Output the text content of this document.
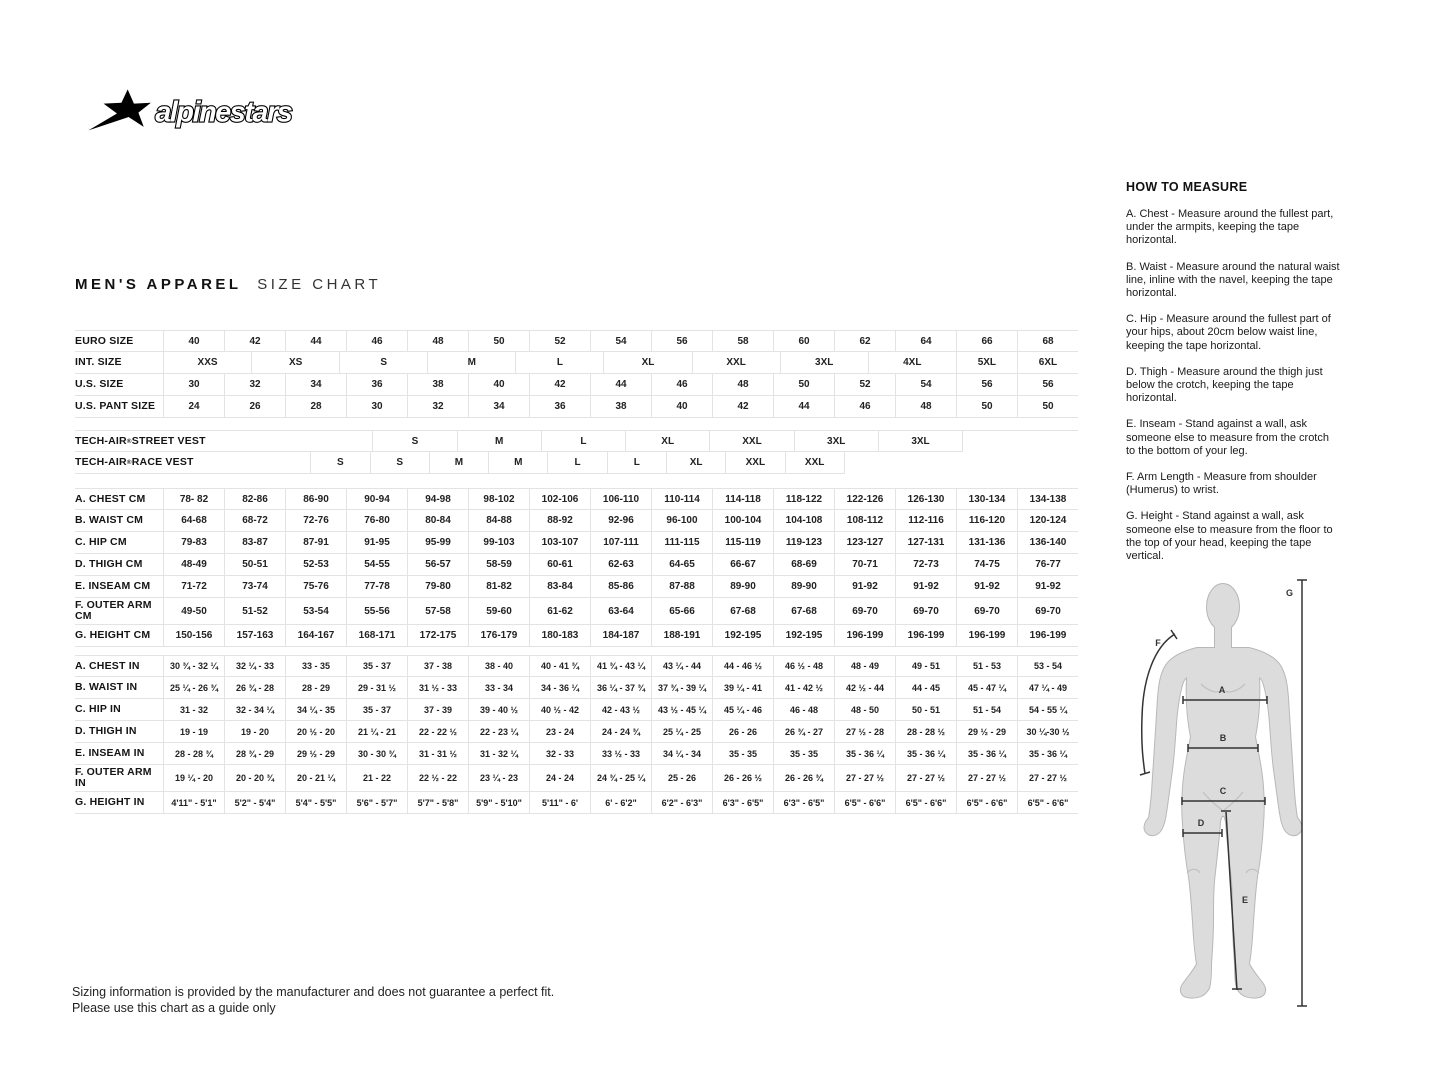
alpinestars
MEN'S APPAREL SIZE CHART
EURO SIZE	40	42	44	46	48	50	52	54	56	58	60	62	64	66	68
INT. SIZE	XXS	XS	S	M	L	XL	XXL	3XL	4XL	5XL	6XL
U.S. SIZE	30	32	34	36	38	40	42	44	46	48	50	52	54	56	56
U.S. PANT SIZE	24	26	28	30	32	34	36	38	40	42	44	46	48	50	50
TECH-AIR ® STREET VEST	S	M	L	XL	XXL	3XL	3XL
TECH-AIR ® RACE VEST	S	S	M	M	L	L	XL	XXL	XXL
A. CHEST CM	78- 82	82-86	86-90	90-94	94-98	98-102	102-106	106-110	110-114	114-118	118-122	122-126	126-130	130-134	134-138
B. WAIST CM	64-68	68-72	72-76	76-80	80-84	84-88	88-92	92-96	96-100	100-104	104-108	108-112	112-116	116-120	120-124
C. HIP CM	79-83	83-87	87-91	91-95	95-99	99-103	103-107	107-111	111-115	115-119	119-123	123-127	127-131	131-136	136-140
D. THIGH CM	48-49	50-51	52-53	54-55	56-57	58-59	60-61	62-63	64-65	66-67	68-69	70-71	72-73	74-75	76-77
E. INSEAM CM	71-72	73-74	75-76	77-78	79-80	81-82	83-84	85-86	87-88	89-90	89-90	91-92	91-92	91-92	91-92
F. OUTER ARM CM	49-50	51-52	53-54	55-56	57-58	59-60	61-62	63-64	65-66	67-68	67-68	69-70	69-70	69-70	69-70
G. HEIGHT CM	150-156	157-163	164-167	168-171	172-175	176-179	180-183	184-187	188-191	192-195	192-195	196-199	196-199	196-199	196-199
A. CHEST IN	30 ¾ - 32 ¼	32 ¼ - 33	33 - 35	35 - 37	37 - 38	38 - 40	40 - 41 ¾	41 ¾ - 43 ¼	43 ¼ - 44	44 - 46 ½	46 ½ - 48	48 - 49	49 - 51	51 - 53	53 - 54
B. WAIST IN	25 ¼ - 26 ¾	26 ¾ - 28	28 - 29	29 - 31 ½	31 ½ - 33	33 - 34	34 - 36 ¼	36 ¼ - 37 ¾	37 ¾ - 39 ¼	39 ¼ - 41	41 - 42 ½	42 ½ - 44	44 - 45	45 - 47 ¼	47 ¼ - 49
C. HIP IN	31 - 32	32 - 34 ¼	34 ¼ - 35	35 - 37	37 - 39	39 - 40 ½	40 ½ - 42	42 - 43 ½	43 ½ - 45 ¼	45 ¼ - 46	46 - 48	48 - 50	50 - 51	51 - 54	54 - 55 ¼
D. THIGH IN	19 - 19	19 - 20	20 ½ - 20	21 ¼ - 21	22 - 22 ½	22 - 23 ¼	23 - 24	24 - 24 ¾	25 ¼ - 25	26 - 26	26 ¾ - 27	27 ½ - 28	28 - 28 ½	29 ½ - 29	30 ¼-30 ½
E. INSEAM IN	28 - 28 ¾	28 ¾ - 29	29 ½ - 29	30 - 30 ¾	31 - 31 ½	31 - 32 ¼	32 - 33	33 ½ - 33	34 ¼ - 34	35 - 35	35 - 35	35 - 36 ¼	35 - 36 ¼	35 - 36 ¼	35 - 36 ¼
F. OUTER ARM IN	19 ¼ - 20	20 - 20 ¾	20 - 21 ¼	21 - 22	22 ½ - 22	23 ¼ - 23	24 - 24	24 ¾ - 25 ¼	25 - 26	26 - 26 ½	26 - 26 ¾	27 - 27 ½	27 - 27 ½	27 - 27 ½	27 - 27 ½
G. HEIGHT IN	4'11" - 5'1"	5'2" - 5'4"	5'4" - 5'5"	5'6" - 5'7"	5'7" - 5'8"	5'9" - 5'10"	5'11" - 6'	6' - 6'2"	6'2" - 6'3"	6'3" - 6'5"	6'3" - 6'5"	6'5" - 6'6"	6'5" - 6'6"	6'5" - 6'6"	6'5" - 6'6"
HOW TO MEASURE

A. Chest - Measure around the fullest part, under the armpits, keeping the tape horizontal.

B. Waist - Measure around the natural waist line, inline with the navel, keeping the tape horizontal.

C. Hip - Measure around the fullest part of your hips, about 20cm below waist line, keeping the tape horizontal.

D. Thigh - Measure around the thigh just below the crotch, keeping the tape horizontal.

E. Inseam - Stand against a wall, ask someone else to measure from the crotch to the bottom of your leg.

F. Arm Length - Measure from shoulder (Humerus) to wrist.

G. Height - Stand against a wall, ask someone else to measure from the floor to the top of your head, keeping the tape vertical.

A
B
C
D
E
F
G
Sizing information is provided by the manufacturer and does not guarantee a perfect fit.
Please use this chart as a guide only
